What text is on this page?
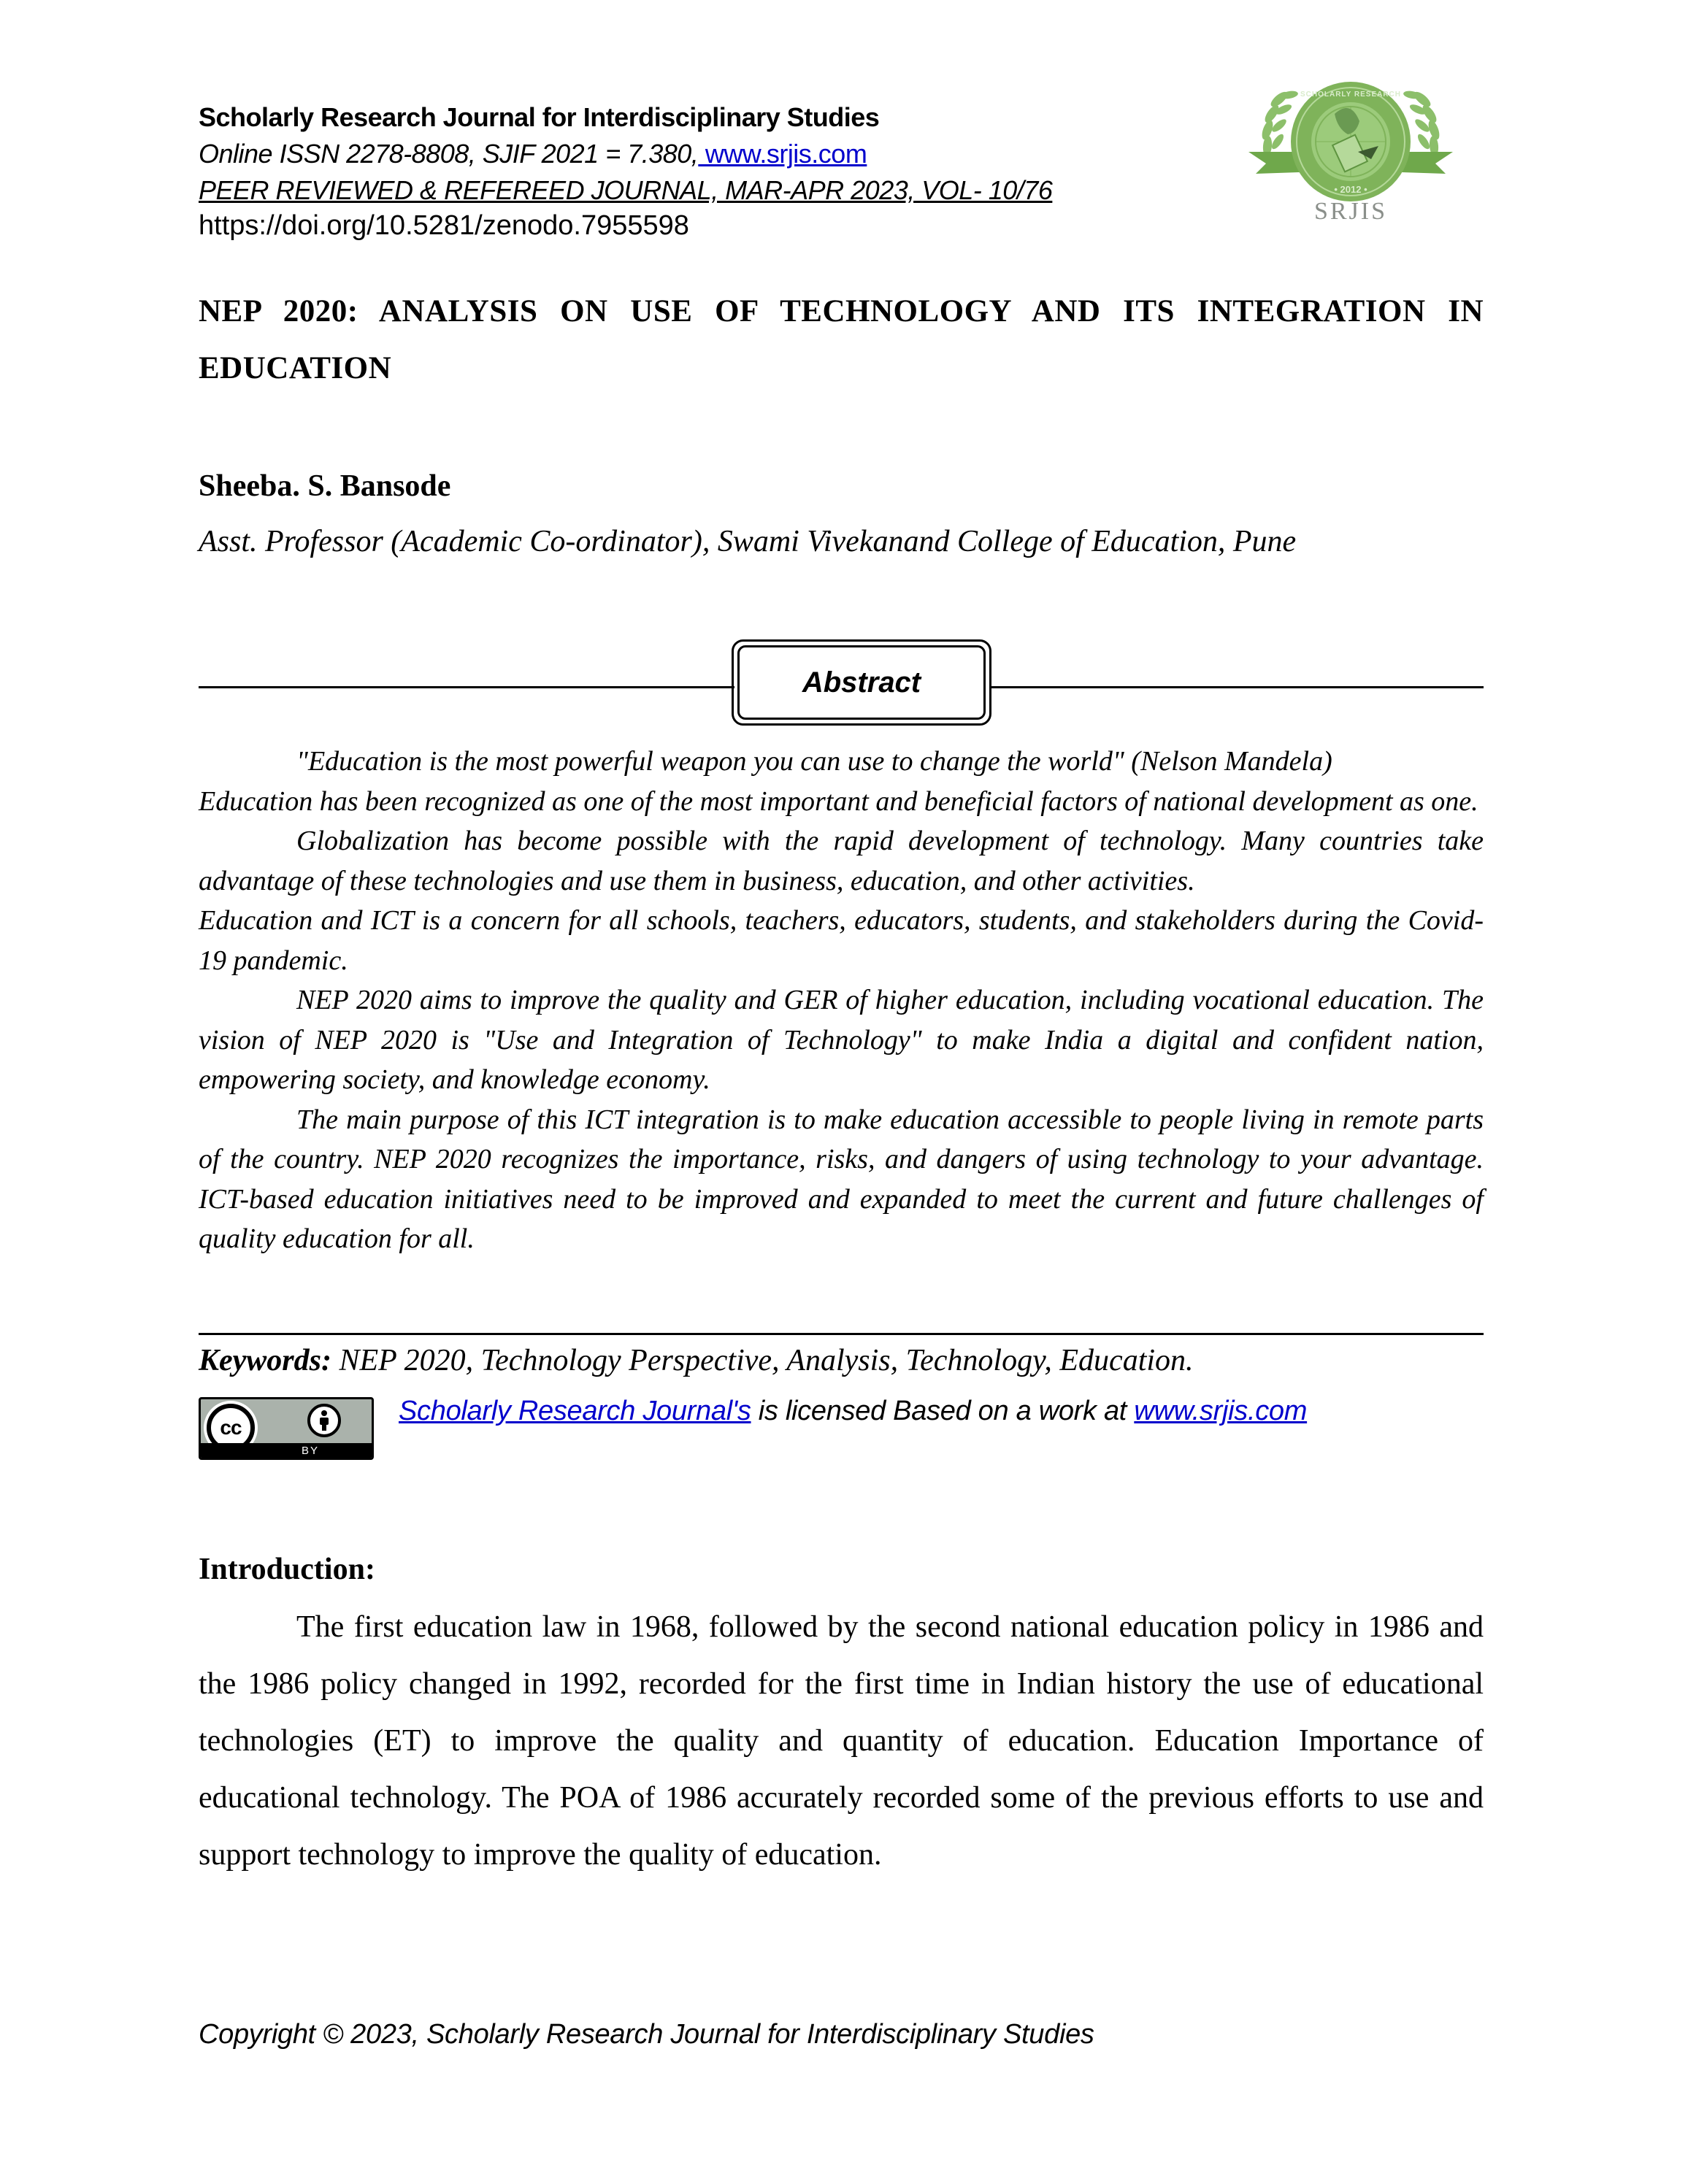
Scholarly Research Journal for Interdisciplinary Studies
Online ISSN 2278-8808, SJIF 2021 = 7.380, www.srjis.com
PEER REVIEWED & REFEREED JOURNAL, MAR-APR 2023, VOL- 10/76
https://doi.org/10.5281/zenodo.7955598
• 2012 •
SCHOLARLY RESEARCH
SRJIS
NEP 2020: ANALYSIS ON USE OF TECHNOLOGY AND ITS INTEGRATION IN EDUCATION
Sheeba. S. Bansode
Asst. Professor (Academic Co-ordinator), Swami Vivekanand College of Education, Pune
Abstract

"Education is the most powerful weapon you can use to change the world" (Nelson Mandela)

Education has been recognized as one of the most important and beneficial factors of national development as one.

Globalization has become possible with the rapid development of technology. Many countries take advantage of these technologies and use them in business, education, and other activities.

Education and ICT is a concern for all schools, teachers, educators, students, and stakeholders during the Covid-19 pandemic.

NEP 2020 aims to improve the quality and GER of higher education, including vocational education. The vision of NEP 2020 is "Use and Integration of Technology" to make India a digital and confident nation, empowering society, and knowledge economy.

The main purpose of this ICT integration is to make education accessible to people living in remote parts of the country. NEP 2020 recognizes the importance, risks, and dangers of using technology to your advantage. ICT-based education initiatives need to be improved and expanded to meet the current and future challenges of quality education for all.

Keywords: NEP 2020, Technology Perspective, Analysis, Technology, Education.
cc
BY
Scholarly Research Journal's is licensed Based on a work at www.srjis.com
Introduction:

The first education law in 1968, followed by the second national education policy in 1986 and the 1986 policy changed in 1992, recorded for the first time in Indian history the use of educational technologies (ET) to improve the quality and quantity of education. Education Importance of educational technology. The POA of 1986 accurately recorded some of the previous efforts to use and support technology to improve the quality of education.

Copyright © 2023, Scholarly Research Journal for Interdisciplinary Studies
